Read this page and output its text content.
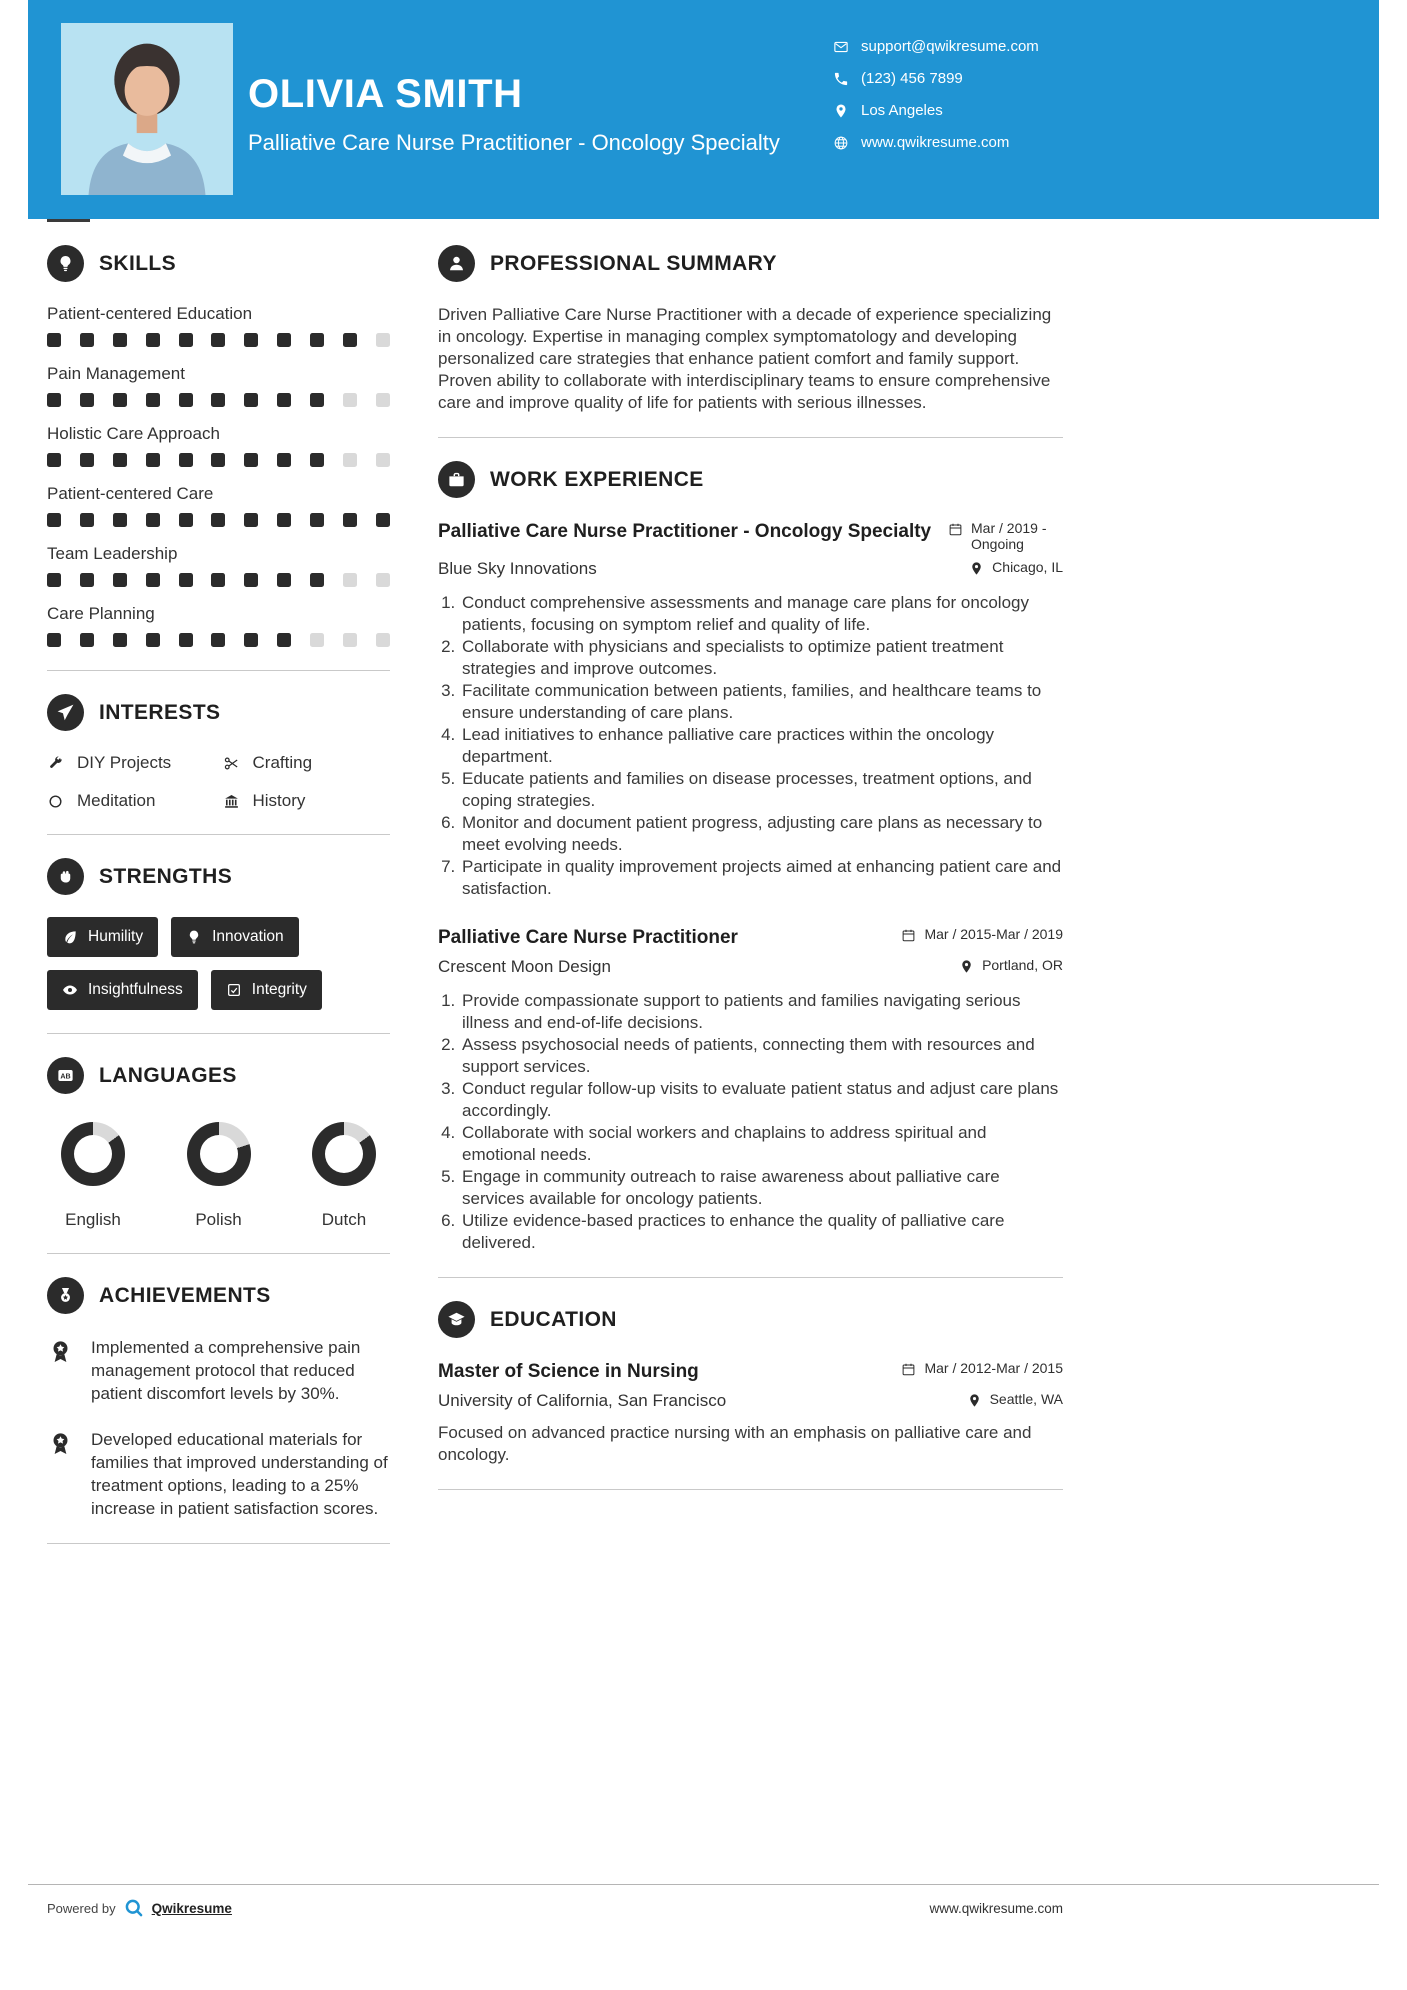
OLIVIA SMITH
Palliative Care Nurse Practitioner - Oncology Specialty
support@qwikresume.com
(123) 456 7899
Los Angeles
www.qwikresume.com
SKILLS
Patient-centered Education
Pain Management
Holistic Care Approach
Patient-centered Care
Team Leadership
Care Planning
INTERESTS
DIY Projects	Crafting
Meditation	History
STRENGTHS
Humility	Innovation
Insightfulness	Integrity
AB LANGUAGES
English	Polish	Dutch
ACHIEVEMENTS
Implemented a comprehensive pain management protocol that reduced patient discomfort levels by 30%.
Developed educational materials for families that improved understanding of treatment options, leading to a 25% increase in patient satisfaction scores.
PROFESSIONAL SUMMARY

Driven Palliative Care Nurse Practitioner with a decade of experience specializing in oncology. Expertise in managing complex symptomatology and developing personalized care strategies that enhance patient comfort and family support. Proven ability to collaborate with interdisciplinary teams to ensure comprehensive care and improve quality of life for patients with serious illnesses.

WORK EXPERIENCE
Palliative Care Nurse Practitioner - Oncology Specialty	Mar / 2019 - Ongoing
Blue Sky Innovations	Chicago, IL
1. Conduct comprehensive assessments and manage care plans for oncology patients, focusing on symptom relief and quality of life.
2. Collaborate with physicians and specialists to optimize patient treatment strategies and improve outcomes.
3. Facilitate communication between patients, families, and healthcare teams to ensure understanding of care plans.
4. Lead initiatives to enhance palliative care practices within the oncology department.
5. Educate patients and families on disease processes, treatment options, and coping strategies.
6. Monitor and document patient progress, adjusting care plans as necessary to meet evolving needs.
7. Participate in quality improvement projects aimed at enhancing patient care and satisfaction.
Palliative Care Nurse Practitioner	Mar / 2015-Mar / 2019
Crescent Moon Design	Portland, OR
1. Provide compassionate support to patients and families navigating serious illness and end-of-life decisions.
2. Assess psychosocial needs of patients, connecting them with resources and support services.
3. Conduct regular follow-up visits to evaluate patient status and adjust care plans accordingly.
4. Collaborate with social workers and chaplains to address spiritual and emotional needs.
5. Engage in community outreach to raise awareness about palliative care services available for oncology patients.
6. Utilize evidence-based practices to enhance the quality of palliative care delivered.
EDUCATION
Master of Science in Nursing	Mar / 2012-Mar / 2015
University of California, San Francisco	Seattle, WA

Focused on advanced practice nursing with an emphasis on palliative care and oncology.

Powered by	Qwikresume	www.qwikresume.com
